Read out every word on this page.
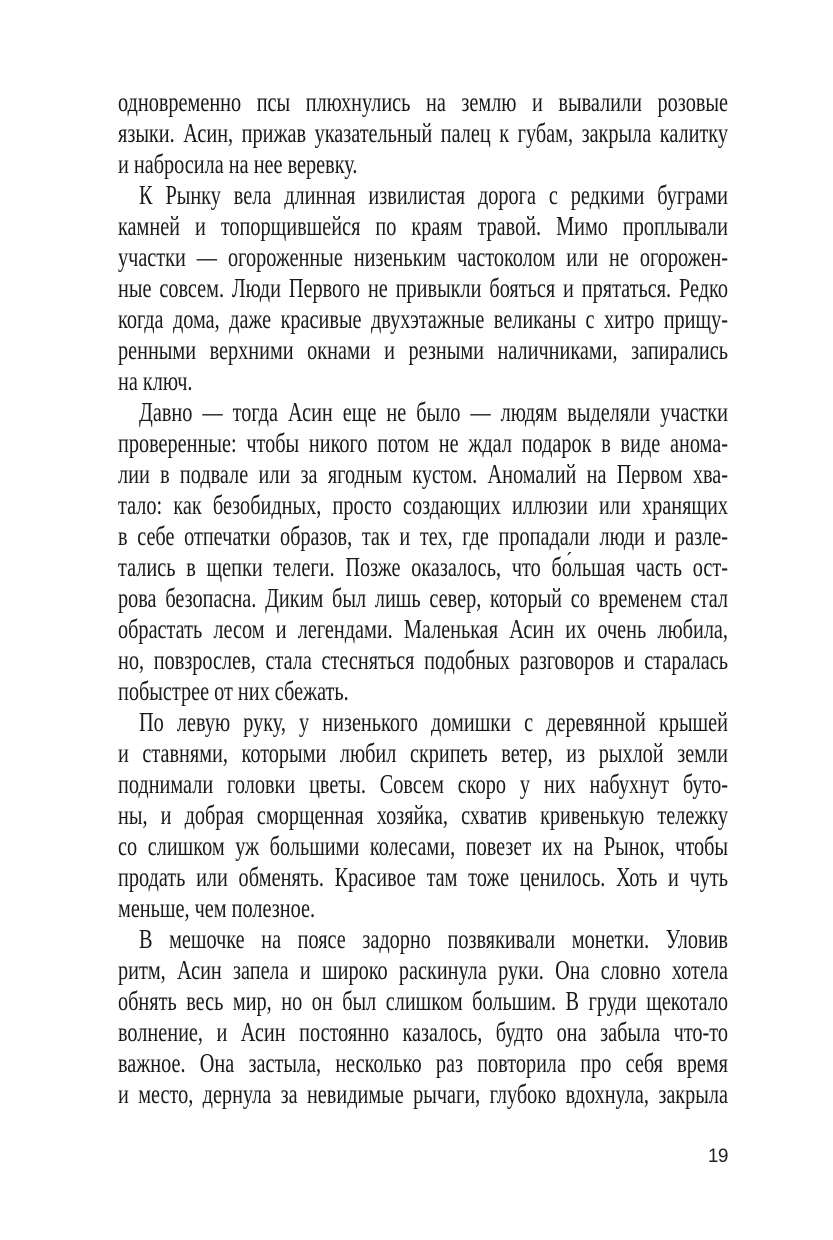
одновременно псы плюхнулись на землю и вывалили розовые
языки. Асин, прижав указательный палец к губам, закрыла калитку
и набросила на нее веревку.
К Рынку вела длинная извилистая дорога с редкими буграми
камней и топорщившейся по краям травой. Мимо проплывали
участки — огороженные низеньким частоколом или не огорожен-
ные совсем. Люди Первого не привыкли бояться и прятаться. Редко
когда дома, даже красивые двухэтажные великаны с хитро прищу-
ренными верхними окнами и резными наличниками, запирались
на ключ.
Давно — тогда Асин еще не было — людям выделяли участки
проверенные: чтобы никого потом не ждал подарок в виде анома-
лии в подвале или за ягодным кустом. Аномалий на Первом хва-
тало: как безобидных, просто создающих иллюзии или хранящих
в себе отпечатки образов, так и тех, где пропадали люди и разле-
тались в щепки телеги. Позже оказалось, что бо́льшая часть ост-
рова безопасна. Диким был лишь север, который со временем стал
обрастать лесом и легендами. Маленькая Асин их очень любила,
но, повзрослев, стала стесняться подобных разговоров и старалась
побыстрее от них сбежать.
По левую руку, у низенького домишки с деревянной крышей
и ставнями, которыми любил скрипеть ветер, из рыхлой земли
поднимали головки цветы. Совсем скоро у них набухнут буто-
ны, и добрая сморщенная хозяйка, схватив кривенькую тележку
со слишком уж большими колесами, повезет их на Рынок, чтобы
продать или обменять. Красивое там тоже ценилось. Хоть и чуть
меньше, чем полезное.
В мешочке на поясе задорно позвякивали монетки. Уловив
ритм, Асин запела и широко раскинула руки. Она словно хотела
обнять весь мир, но он был слишком большим. В груди щекотало
волнение, и Асин постоянно казалось, будто она забыла что-то
важное. Она застыла, несколько раз повторила про себя время
и место, дернула за невидимые рычаги, глубоко вдохнула, закрыла
19
